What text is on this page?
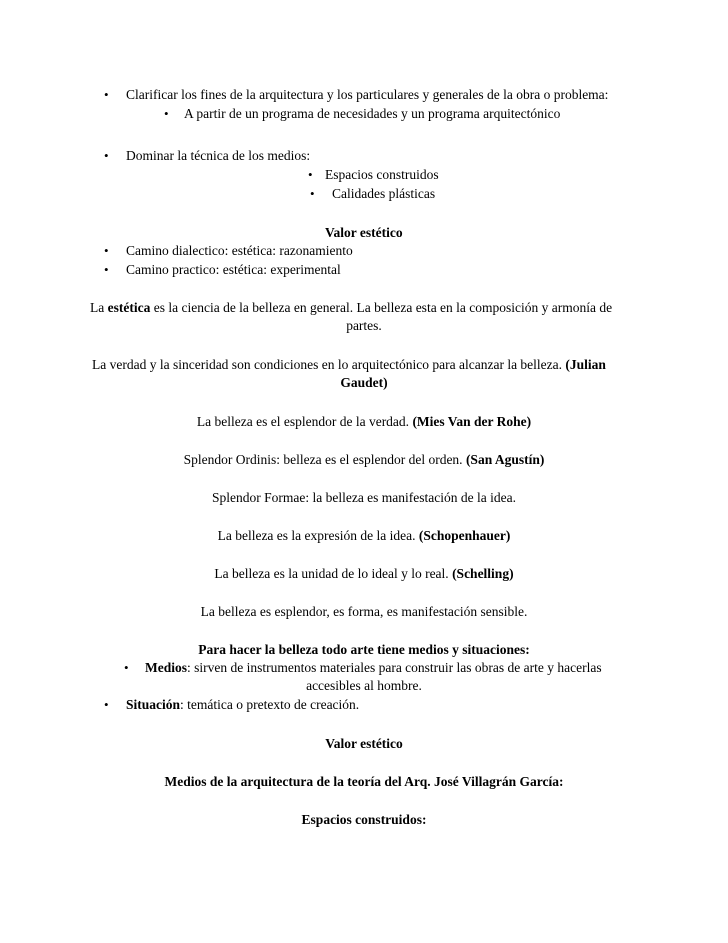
• Clarificar los fines de la arquitectura y los particulares y generales de la obra o problema:
• A partir de un programa de necesidades y un programa arquitectónico
• Dominar la técnica de los medios:
• Espacios construidos
• Calidades plásticas
Valor estético
• Camino dialectico: estética: razonamiento
• Camino practico: estética: experimental
La estética es la ciencia de la belleza en general. La belleza esta en la composición y armonía de
partes.
La verdad y la sinceridad son condiciones en lo arquitectónico para alcanzar la belleza. (Julian
Gaudet)
La belleza es el esplendor de la verdad. (Mies Van der Rohe)
Splendor Ordinis: belleza es el esplendor del orden. (San Agustín)
Splendor Formae: la belleza es manifestación de la idea.
La belleza es la expresión de la idea. (Schopenhauer)
La belleza es la unidad de lo ideal y lo real. (Schelling)
La belleza es esplendor, es forma, es manifestación sensible.
Para hacer la belleza todo arte tiene medios y situaciones:
• Medios: sirven de instrumentos materiales para construir las obras de arte y hacerlas
accesibles al hombre.
• Situación: temática o pretexto de creación.
Valor estético
Medios de la arquitectura de la teoría del Arq. José Villagrán García:
Espacios construidos:
